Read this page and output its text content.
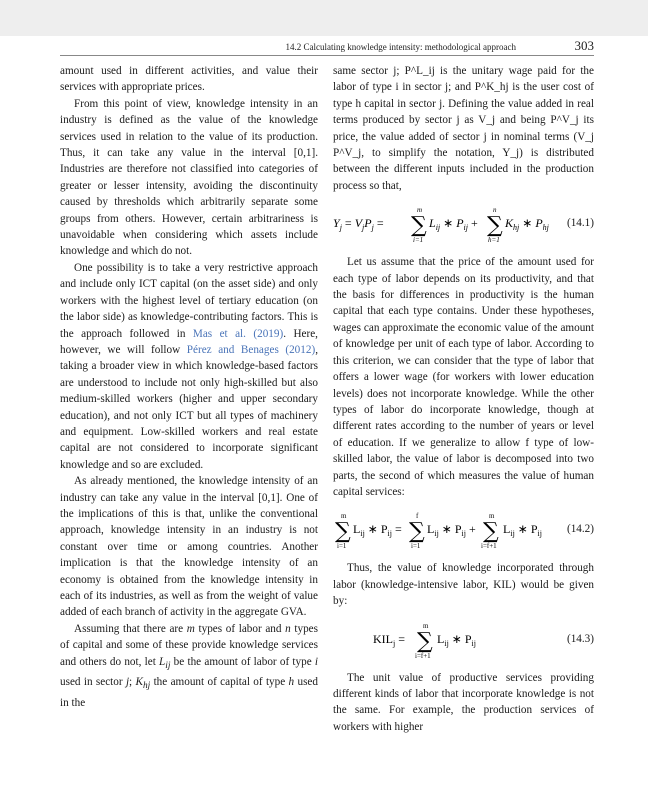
14.2 Calculating knowledge intensity: methodological approach	303

amount used in different activities, and value their services with appropriate prices.

From this point of view, knowledge intensity in an industry is defined as the value of the knowledge services used in relation to the value of its production. Thus, it can take any value in the interval [0,1]. Industries are therefore not classified into categories of greater or lesser intensity, avoiding the discontinuity caused by thresholds which arbitrarily separate some groups from others. However, certain arbitrariness is unavoidable when considering which assets include knowledge and which do not.

One possibility is to take a very restrictive approach and include only ICT capital (on the asset side) and only workers with the highest level of tertiary education (on the labor side) as knowledge-contributing factors. This is the approach followed in Mas et al. (2019). Here, however, we will follow Pérez and Benages (2012), taking a broader view in which knowledge-based factors are understood to include not only high-skilled but also medium-skilled workers (higher and upper secondary education), and not only ICT but all types of machinery and equipment. Low-skilled workers and real estate capital are not considered to incorporate significant knowledge and so are excluded.

As already mentioned, the knowledge intensity of an industry can take any value in the interval [0,1]. One of the implications of this is that, unlike the conventional approach, knowledge intensity in an industry is not constant over time or among countries. Another implication is that the knowledge intensity of an economy is obtained from the knowledge intensity in each of its industries, as well as from the weight of value added of each branch of activity in the aggregate GVA.

Assuming that there are m types of labor and n types of capital and some of these provide knowledge services and others do not, let $L_{ij}$ be the amount of labor of type i used in sector j; $K_{hj}$ the amount of capital of type h used in the

same sector j; P^L_ij is the unitary wage paid for the labor of type i in sector j; and P^K_hj is the user cost of type h capital in sector j. Defining the value added in real terms produced by sector j as V_j and being P^V_j its price, the value added of sector j in nominal terms (V_j P^V_j, to simplify the notation, Y_j) is distributed between the different inputs included in the production process so that,

$Y_j = V_jP_j$ = ∑
m
i=1
$L_{ij}$ ∗ $P_{ij}$ + ∑
n
h=1
$K_{hj}$ ∗ $P_{hj}$ (14.1)

Let us assume that the price of the amount used for each type of labor depends on its productivity, and that the basis for differences in productivity is the human capital that each type contains. Under these hypotheses, wages can approximate the economic value of the amount of knowledge per unit of each type of labor. According to this criterion, we can consider that the type of labor that offers a lower wage (for workers with lower education levels) does not incorporate knowledge. While the other types of labor do incorporate knowledge, though at different rates according to the number of years or level of education. If we generalize to allow f type of low-skilled labor, the value of labor is decomposed into two parts, the second of which measures the value of human capital services:

∑
m
i=1
$L_{ij}$ ∗ $P_{ij}$ = ∑
f
i=1
$L_{ij}$ ∗ $P_{ij}$ + ∑
m
i=f+1
$L_{ij}$ ∗ $P_{ij}$ (14.2)

Thus, the value of knowledge incorporated through labor (knowledge-intensive labor, KIL) would be given by:

$KIL_j$ = ∑
m
i=f+1
$L_{ij}$ ∗ $P_{ij}$	(14.3)

The unit value of productive services providing different kinds of labor that incorporate knowledge is not the same. For example, the production services of workers with higher
